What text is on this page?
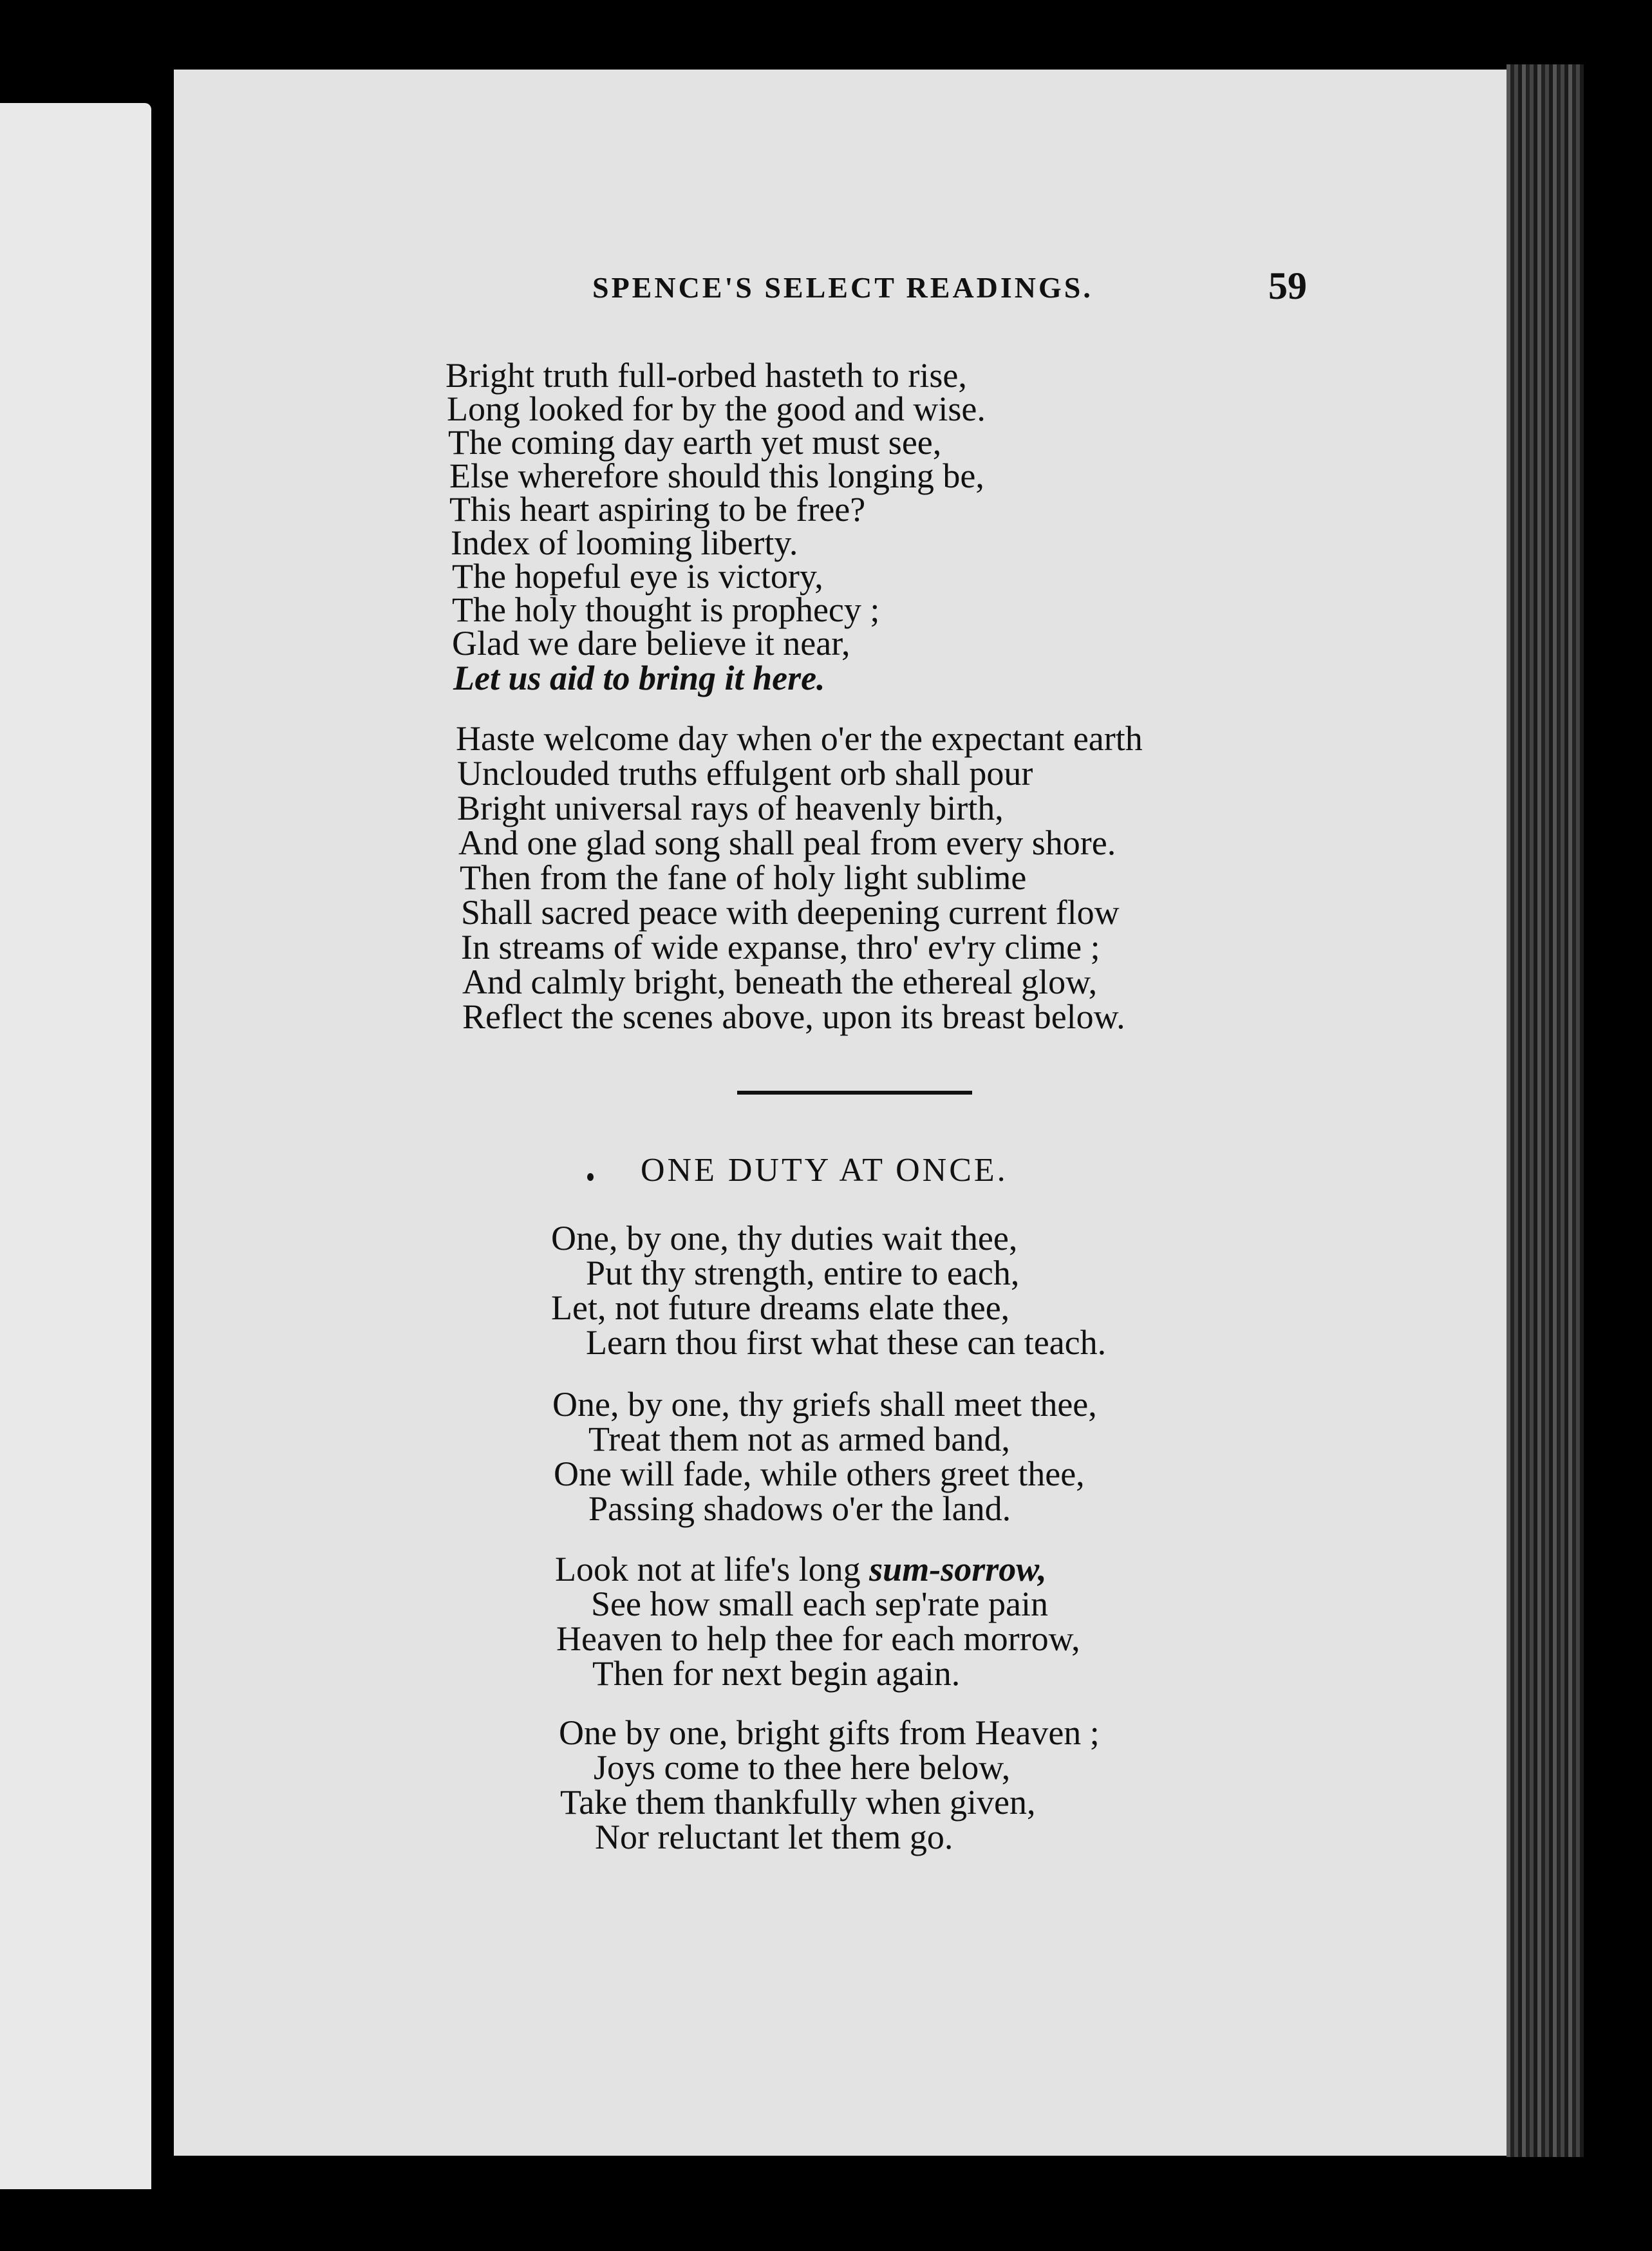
SPENCE'S SELECT READINGS.	59
Bright truth full-orbed hasteth to rise,
Long looked for by the good and wise.
The coming day earth yet must see,
Else wherefore should this longing be,
This heart aspiring to be free?
Index of looming liberty.
The hopeful eye is victory,
The holy thought is prophecy ;
Glad we dare believe it near,
Let us aid to bring it here.
Haste welcome day when o'er the expectant earth
Unclouded truths effulgent orb shall pour
Bright universal rays of heavenly birth,
And one glad song shall peal from every shore.
Then from the fane of holy light sublime
Shall sacred peace with deepening current flow
In streams of wide expanse, thro' ev'ry clime ;
And calmly bright, beneath the ethereal glow,
Reflect the scenes above, upon its breast below.
ONE DUTY AT ONCE.
One, by one, thy duties wait thee,
Put thy strength, entire to each,
Let, not future dreams elate thee,
Learn thou first what these can teach.
One, by one, thy griefs shall meet thee,
Treat them not as armed band,
One will fade, while others greet thee,
Passing shadows o'er the land.
Look not at life's long sum-sorrow,
See how small each sep'rate pain
Heaven to help thee for each morrow,
Then for next begin again.
One by one, bright gifts from Heaven ;
Joys come to thee here below,
Take them thankfully when given,
Nor reluctant let them go.
